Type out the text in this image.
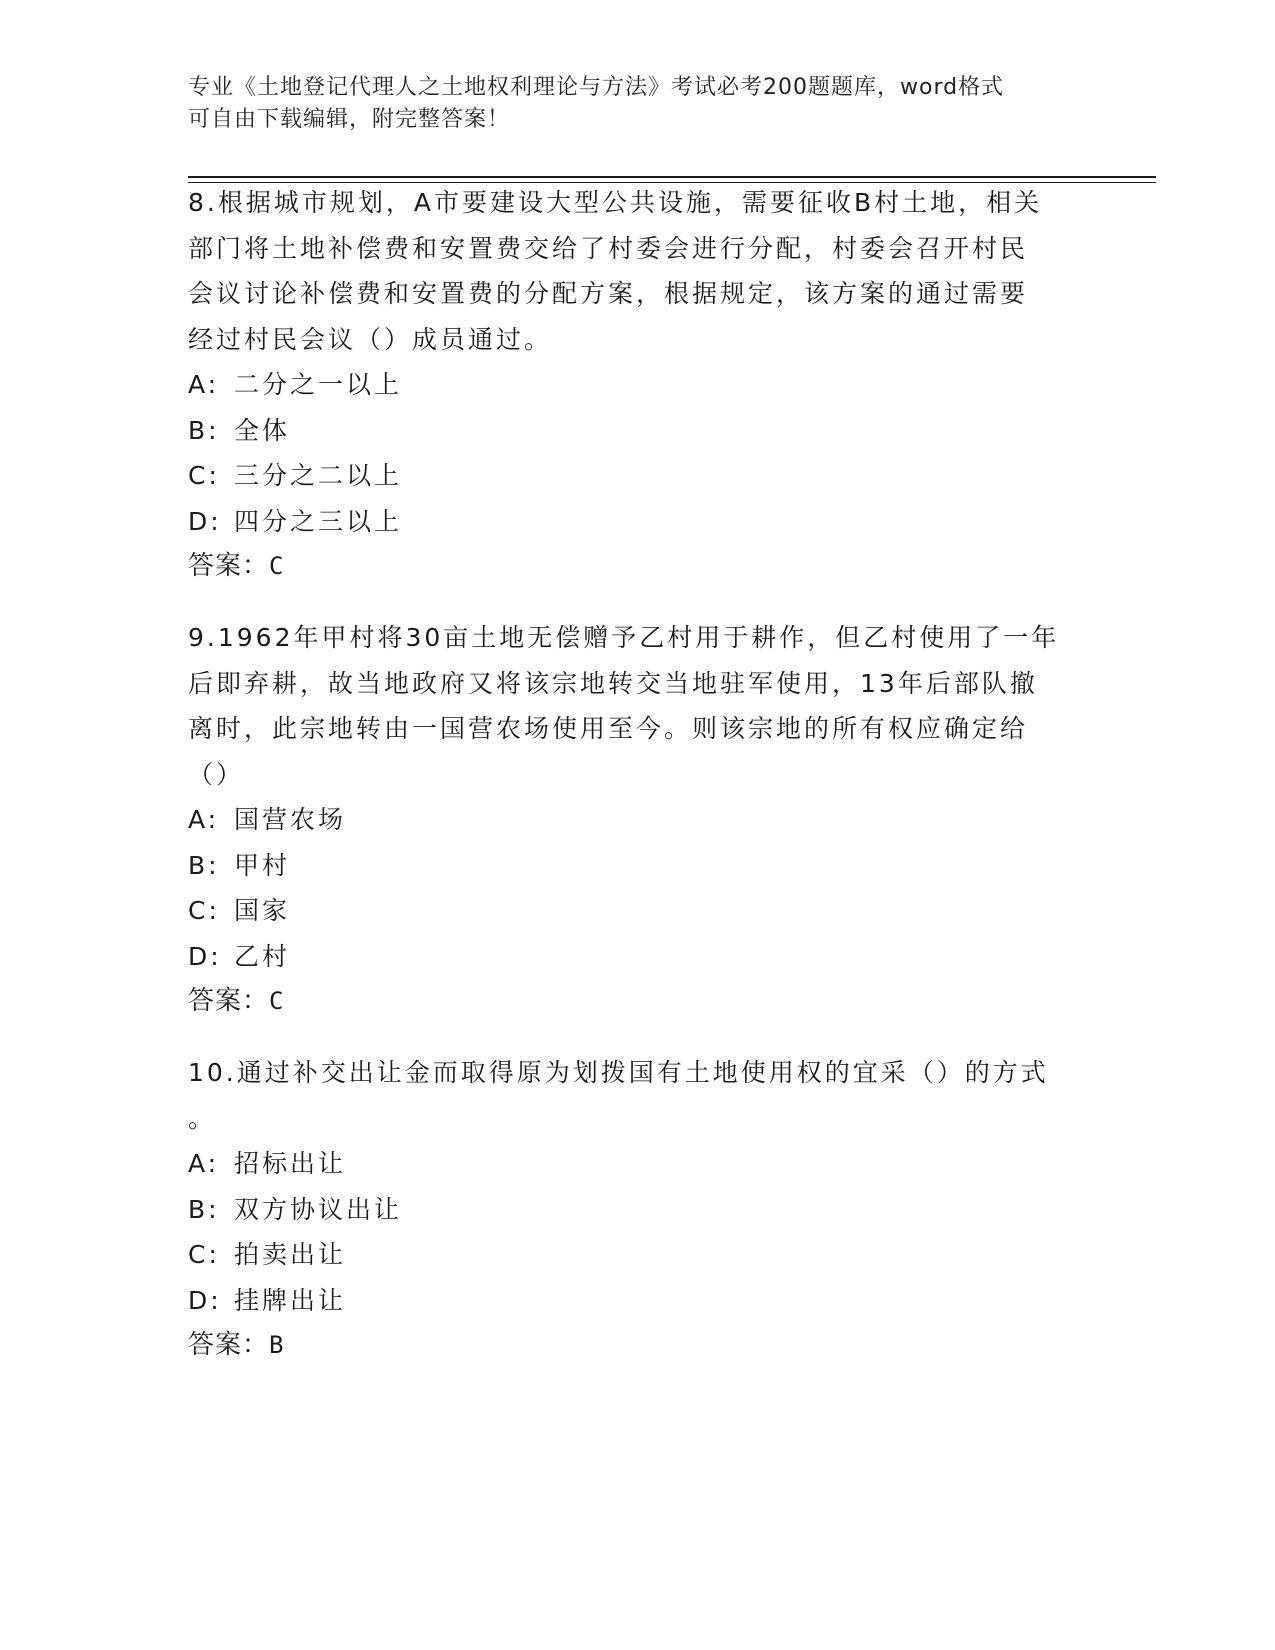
专业《土地登记代理人之土地权利理论与方法》考试必考200题题库，word格式
可自由下载编辑，附完整答案！
8.根据城市规划，A市要建设大型公共设施，需要征收B村土地，相关
部门将土地补偿费和安置费交给了村委会进行分配，村委会召开村民
会议讨论补偿费和安置费的分配方案，根据规定，该方案的通过需要
经过村民会议（）成员通过。
A: 二分之一以上
B: 全体
C: 三分之二以上
D: 四分之三以上
答案：C
9.1962年甲村将30亩土地无偿赠予乙村用于耕作，但乙村使用了一年
后即弃耕，故当地政府又将该宗地转交当地驻军使用，13年后部队撤
离时，此宗地转由一国营农场使用至今。则该宗地的所有权应确定给
（）
A: 国营农场
B: 甲村
C: 国家
D: 乙村
答案：C
10.通过补交出让金而取得原为划拨国有土地使用权的宜采（）的方式
。
A: 招标出让
B: 双方协议出让
C: 拍卖出让
D: 挂牌出让
答案：B
